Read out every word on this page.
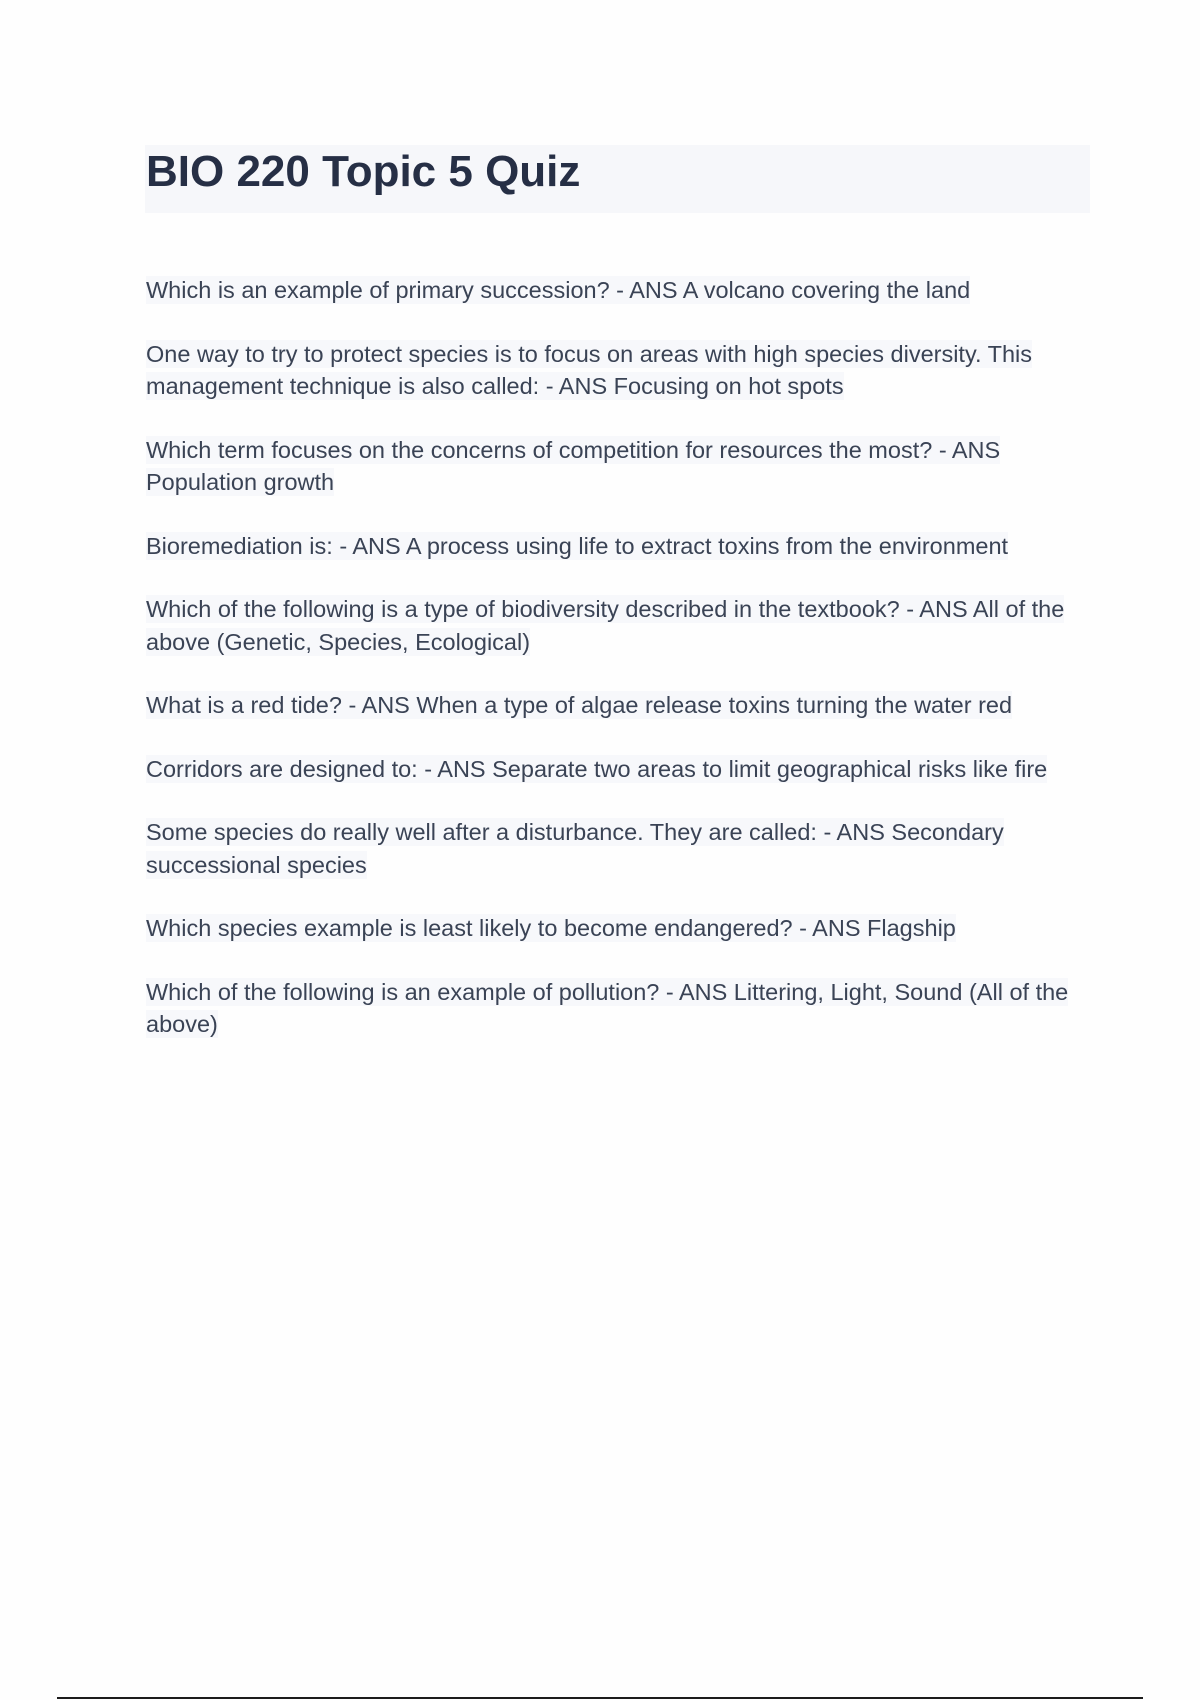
BIO 220 Topic 5 Quiz
Which is an example of primary succession? - ANS A volcano covering the land
One way to try to protect species is to focus on areas with high species diversity. This management technique is also called: - ANS Focusing on hot spots
Which term focuses on the concerns of competition for resources the most? - ANS Population growth
Bioremediation is: - ANS A process using life to extract toxins from the environment
Which of the following is a type of biodiversity described in the textbook? - ANS All of the above (Genetic, Species, Ecological)
What is a red tide? - ANS When a type of algae release toxins turning the water red
Corridors are designed to: - ANS Separate two areas to limit geographical risks like fire
Some species do really well after a disturbance. They are called: - ANS Secondary successional species
Which species example is least likely to become endangered? - ANS Flagship
Which of the following is an example of pollution? - ANS Littering, Light, Sound (All of the above)
